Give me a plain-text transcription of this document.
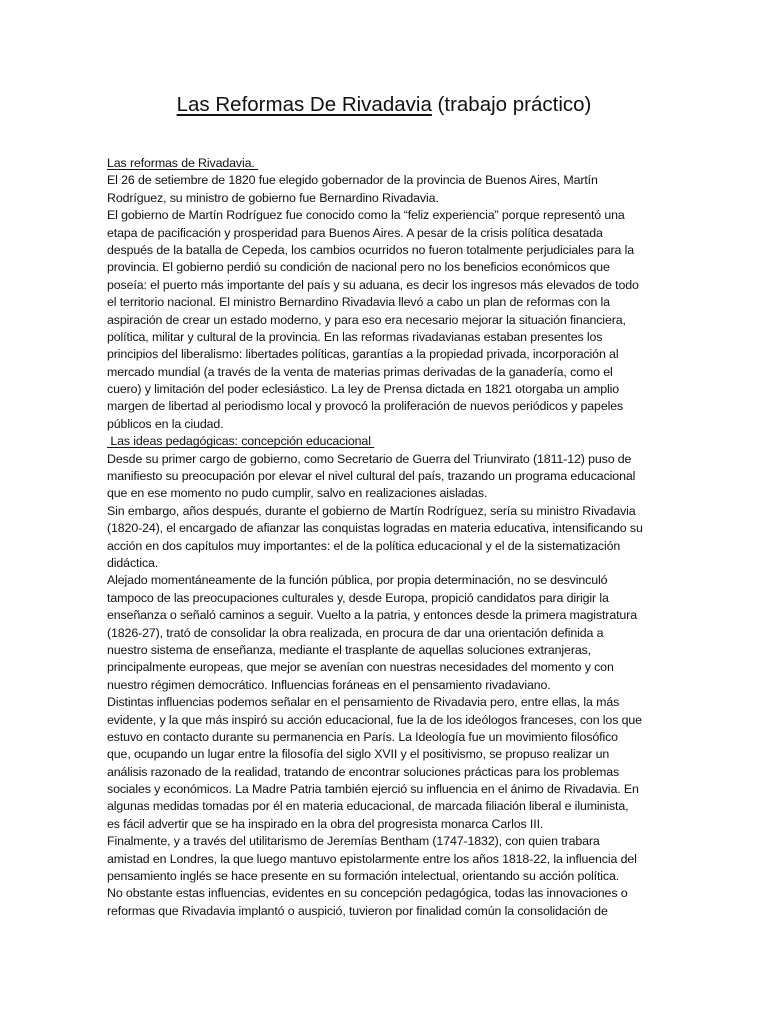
Las Reformas De Rivadavia (trabajo práctico)
Las reformas de Rivadavia.
El 26 de setiembre de 1820 fue elegido gobernador de la provincia de Buenos Aires, Martín
Rodríguez, su ministro de gobierno fue Bernardino Rivadavia.
El gobierno de Martín Rodríguez fue conocido como la “feliz experiencia” porque representó una
etapa de pacificación y prosperidad para Buenos Aires. A pesar de la crisis política desatada
después de la batalla de Cepeda, los cambios ocurridos no fueron totalmente perjudiciales para la
provincia. El gobierno perdió su condición de nacional pero no los beneficios económicos que
poseía: el puerto más importante del país y su aduana, es decir los ingresos más elevados de todo
el territorio nacional. El ministro Bernardino Rivadavia llevó a cabo un plan de reformas con la
aspiración de crear un estado moderno, y para eso era necesario mejorar la situación financiera,
política, militar y cultural de la provincia. En las reformas rivadavianas estaban presentes los
principios del liberalismo: libertades políticas, garantías a la propiedad privada, incorporación al
mercado mundial (a través de la venta de materias primas derivadas de la ganadería, como el
cuero) y limitación del poder eclesiástico. La ley de Prensa dictada en 1821 otorgaba un amplio
margen de libertad al periodismo local y provocó la proliferación de nuevos periódicos y papeles
públicos en la ciudad.
Las ideas pedagógicas: concepción educacional
Desde su primer cargo de gobierno, como Secretario de Guerra del Triunvirato (1811-12) puso de
manifiesto su preocupación por elevar el nivel cultural del país, trazando un programa educacional
que en ese momento no pudo cumplir, salvo en realizaciones aisladas.
Sin embargo, años después, durante el gobierno de Martín Rodríguez, sería su ministro Rivadavia
(1820-24), el encargado de afianzar las conquistas logradas en materia educativa, intensificando su
acción en dos capítulos muy importantes: el de la política educacional y el de la sistematización
didáctica.
Alejado momentáneamente de la función pública, por propia determinación, no se desvinculó
tampoco de las preocupaciones culturales y, desde Europa, propició candidatos para dirigir la
enseñanza o señaló caminos a seguir. Vuelto a la patria, y entonces desde la primera magistratura
(1826-27), trató de consolidar la obra realizada, en procura de dar una orientación definida a
nuestro sistema de enseñanza, mediante el trasplante de aquellas soluciones extranjeras,
principalmente europeas, que mejor se avenían con nuestras necesidades del momento y con
nuestro régimen democrático. Influencias foráneas en el pensamiento rivadaviano.
Distintas influencias podemos señalar en el pensamiento de Rivadavia pero, entre ellas, la más
evidente, y la que más inspiró su acción educacional, fue la de los ideólogos franceses, con los que
estuvo en contacto durante su permanencia en París. La Ideología fue un movimiento filosófico
que, ocupando un lugar entre la filosofía del siglo XVII y el positivismo, se propuso realizar un
análisis razonado de la realidad, tratando de encontrar soluciones prácticas para los problemas
sociales y económicos. La Madre Patria también ejerció su influencia en el ánimo de Rivadavia. En
algunas medidas tomadas por él en materia educacional, de marcada filiación liberal e iluminista,
es fácil advertir que se ha inspirado en la obra del progresista monarca Carlos III.
Finalmente, y a través del utilitarismo de Jeremías Bentham (1747-1832), con quien trabara
amistad en Londres, la que luego mantuvo epistolarmente entre los años 1818-22, la influencia del
pensamiento inglés se hace presente en su formación intelectual, orientando su acción política.
No obstante estas influencias, evidentes en su concepción pedagógica, todas las innovaciones o
reformas que Rivadavia implantó o auspició, tuvieron por finalidad común la consolidación de
